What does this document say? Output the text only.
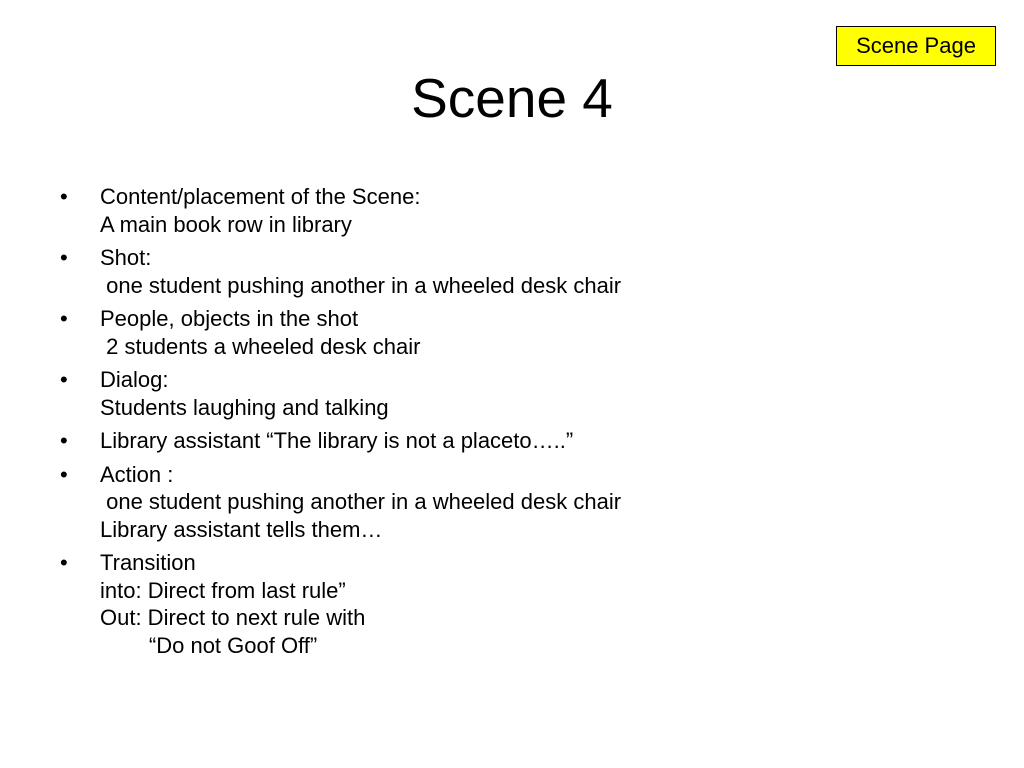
Scene Page
Scene 4
• Content/placement of the Scene:
A main book row in library
• Shot:
one student pushing another in a wheeled desk chair
• People, objects in the shot
2 students a wheeled desk chair
• Dialog:
Students laughing and talking
• Library assistant “The library is not a placeto…..”
• Action :
one student pushing another in a wheeled desk chair
Library assistant tells them…
• Transition
into: Direct from last rule”
Out: Direct to next rule with
“Do not Goof Off”
